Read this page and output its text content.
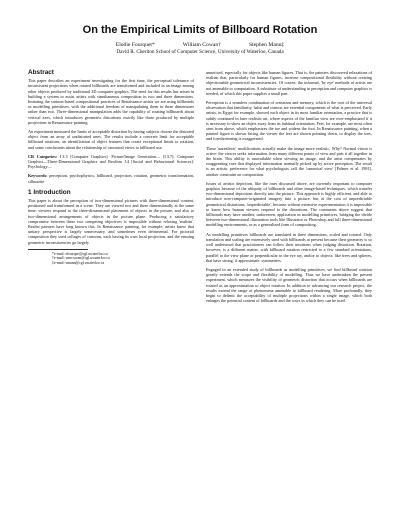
On the Empirical Limits of Billboard Rotation
Elodie Fourquet*	William Cowan†	Stephen Mann‡
David R. Cheriton School of Computer Science, University of Waterloo, Canada
Abstract

This paper describes an experiment investigating for the first time, the perceptual tolerance of inconsistent projections when rotated billboards are transformed and included in an image among other objects produced by traditional 3D computer graphics. The need for this results has arisen in building a system to assist artists with simultaneous composition in two and three dimensions. Imitating the cartoon-based compositional practices of Renaissance artists we are using billboards as modelling primitives, with the additional freedom of manipulating them in three dimensions rather than two. Three-dimensional manipulation adds the capability of rotating billboards about vertical axes, which introduces geometric distortions exactly like those produced by multiple projections in Renaissance painting.

An experiment measured the limits of acceptable distortion by having subjects choose the distorted object from an array of undistorted ones. The results include a concrete limit for acceptable billboard rotations, an identification of object features that create exceptional limits to rotation, and some conclusions about the relationship of canonical views to billboard use.

CR Categories: I.3.3 [Computer Graphics]: Picture/Image Generation— [I.3.7]: Computer Graphics—Three-Dimensional Graphics and Realism J.4 [Social and Behavioural Sciences]: Psychology—

Keywords: perception, psychophysics, billboard, projection, rotation, geometric transformation, silhouette

1 Introduction

This paper is about the perception of two-dimensional pictures with three-dimensional content, positioned and transformed in a scene. They are viewed two and three dimensionally at the same time: viewers respond to the three-dimensional placement of objects in the picture, and also to two-dimensional arrangements of objects in the picture plane. Producing a satisfactory compromise between these two competing objectives is impossible without relaxing 'realism'. Realist painters have long known this. In Renaissance painting, for example, artists knew that unitary perspective is largely unnecessary, and sometimes even detrimental. For pictorial composition they used collages of cartoons, each having its own local projection, and the ensuing geometric inconsistencies go largely

*e-mail: efourque@cgl.uwaterloo.ca

†e-mail: wmcowan@cgl.uwaterloo.ca

‡e-mail: smann@cgl.uwaterloo.ca

unnoticed, especially for objects like human figures. That is, the painters discovered relaxations of realism that, particularly for human figures, increase compositional flexibility without creating objectionable geometrical inconsistencies. Of course, the informal, 'by eye' methods of artists are not amenable to computation. A substitute of understanding in perception and computer graphics is needed, of which this paper supplies a small part.

Perception is a seamless combination of sensation and memory, which is the root of the universal observation that familiarity, habit and context are essential components of what is perceived. Early artists, in Egypt for example, showed each object in its most familiar orientation, a practice that is subtly continued in later realistic art, where aspects of the familiar view are over-emphasized if it is necessary to show an object away from its habitual orientation. Feet, for example, are most often seen from above, which emphasizes the toe and widens the foot. In Renaissance painting, when a painted figure is shown facing the viewer the feet are shown pointing down, to display the toes, and foreshortening is exaggerated.

These 'unrealistic' modifications actually make the image more realistic. Why? Normal vision is active: the viewer seeks information from many different points of view and puts it all together in the brain. This ability is unavailable when viewing an image, and the artist compensates by exaggerating cues that displayed information normally picked up by active perception. The result is an artistic preference for what psychologists call the 'canonical view' [Palmer et al. 1981], another constraint on composition.

Issues of artistic depiction, like the ones discussed above, are currently important to computer graphics because of the ubiquity of billboards and other image-based techniques, which transfer two-dimensional depictions directly into the picture. This approach is highly efficient, and able to introduce non-computer-originated imagery into a picture, but at the cost of unpredictable geometrical distortions, 'unpredictable', because without extensive experimentation it is impossible to know how human viewers respond to the distortions. The comments above suggest that billboards may have another, unforeseen, application as modelling primitives, bridging the divide between two-dimensional illustration tools like Illustrator or Photoshop and full three-dimensional modelling environments, or as a generalized form of compositing.

As modelling primitives billboards are translated in three dimensions, scaled and rotated. Only translation and scaling are extensively used with billboards at present because their geometry is so well understood that practitioners can follow their intuitions when judging distortion. Rotation, however, is a different matter, with billboard rotation restricted to a few standard orientations, parallel to the view plane or perpendicular to the eye ray, and/or to objects, like trees and spheres, that have strong, if approximate, symmetries.

Engaged in an extended study of billboards as modelling primitives, we find billboard rotation greatly extends the scope and flexibility of modelling. Thus we have undertaken the present experiment, which measures the visibility of geometric distortion that occurs when billboards are rotated as an approximation to object rotation. In addition to advancing our research project, the results extend the range of phenomena amenable to billboard rendering. More profoundly, they begin to delimit the acceptability of multiple projections within a single image, which both enlarges the potential content of billboards and the ways in which they can be used.
